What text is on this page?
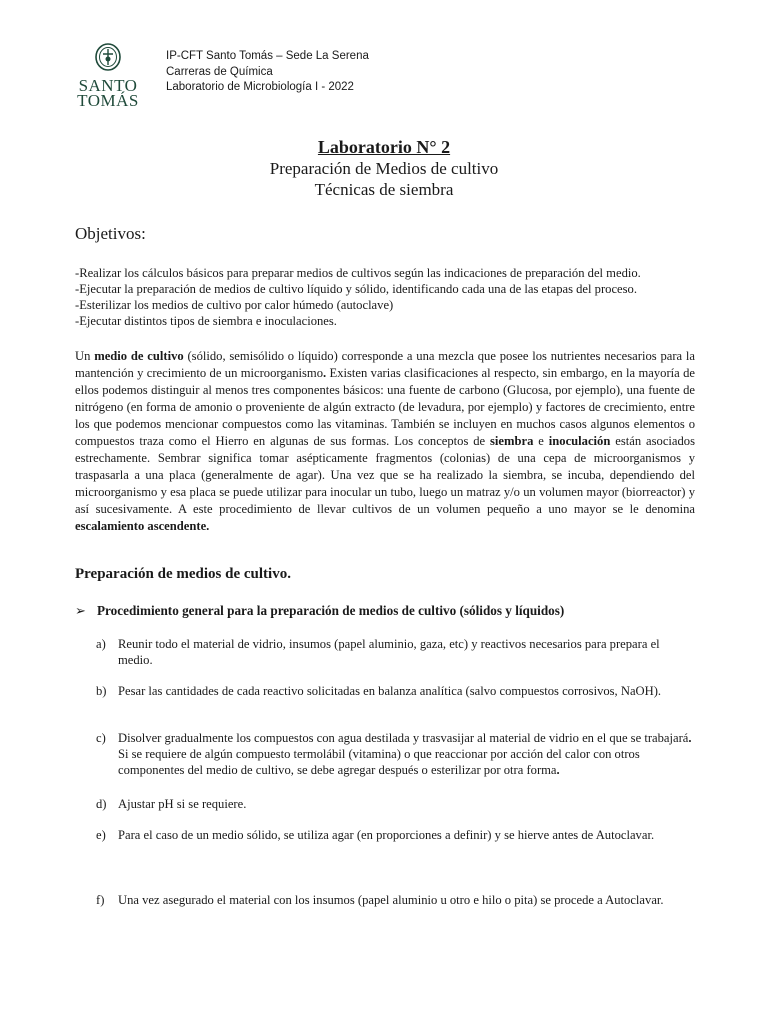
SANTO
TOMÁS
IP-CFT Santo Tomás – Sede La Serena
Carreras de Química
Laboratorio de Microbiología I - 2022
Laboratorio N° 2
Preparación de Medios de cultivo
Técnicas de siembra
Objetivos:
-Realizar los cálculos básicos para preparar medios de cultivos según las indicaciones de preparación del medio.
-Ejecutar la preparación de medios de cultivo líquido y sólido, identificando cada una de las etapas del proceso.
-Esterilizar los medios de cultivo por calor húmedo (autoclave)
-Ejecutar distintos tipos de siembra e inoculaciones.
Un medio de cultivo (sólido, semisólido o líquido) corresponde a una mezcla que posee los nutrientes necesarios para la mantención y crecimiento de un microorganismo. Existen varias clasificaciones al respecto, sin embargo, en la mayoría de ellos podemos distinguir al menos tres componentes básicos: una fuente de carbono (Glucosa, por ejemplo), una fuente de nitrógeno (en forma de amonio o proveniente de algún extracto (de levadura, por ejemplo) y factores de crecimiento, entre los que podemos mencionar compuestos como las vitaminas. También se incluyen en muchos casos algunos elementos o compuestos traza como el Hierro en algunas de sus formas. Los conceptos de siembra e inoculación están asociados estrechamente. Sembrar significa tomar asépticamente fragmentos (colonias) de una cepa de microorganismos y traspasarla a una placa (generalmente de agar). Una vez que se ha realizado la siembra, se incuba, dependiendo del microorganismo y esa placa se puede utilizar para inocular un tubo, luego un matraz y/o un volumen mayor (biorreactor) y así sucesivamente. A este procedimiento de llevar cultivos de un volumen pequeño a uno mayor se le denomina escalamiento ascendente.
Preparación de medios de cultivo.
➢ Procedimiento general para la preparación de medios de cultivo (sólidos y líquidos)
a) Reunir todo el material de vidrio, insumos (papel aluminio, gaza, etc) y reactivos necesarios para prepara el medio.
b) Pesar las cantidades de cada reactivo solicitadas en balanza analítica (salvo compuestos corrosivos, NaOH).
c) Disolver gradualmente los compuestos con agua destilada y trasvasijar al material de vidrio en el que se trabajará. Si se requiere de algún compuesto termolábil (vitamina) o que reaccionar por acción del calor con otros componentes del medio de cultivo, se debe agregar después o esterilizar por otra forma.
d) Ajustar pH si se requiere.
e) Para el caso de un medio sólido, se utiliza agar (en proporciones a definir) y se hierve antes de Autoclavar.
f) Una vez asegurado el material con los insumos (papel aluminio u otro e hilo o pita) se procede a Autoclavar.
